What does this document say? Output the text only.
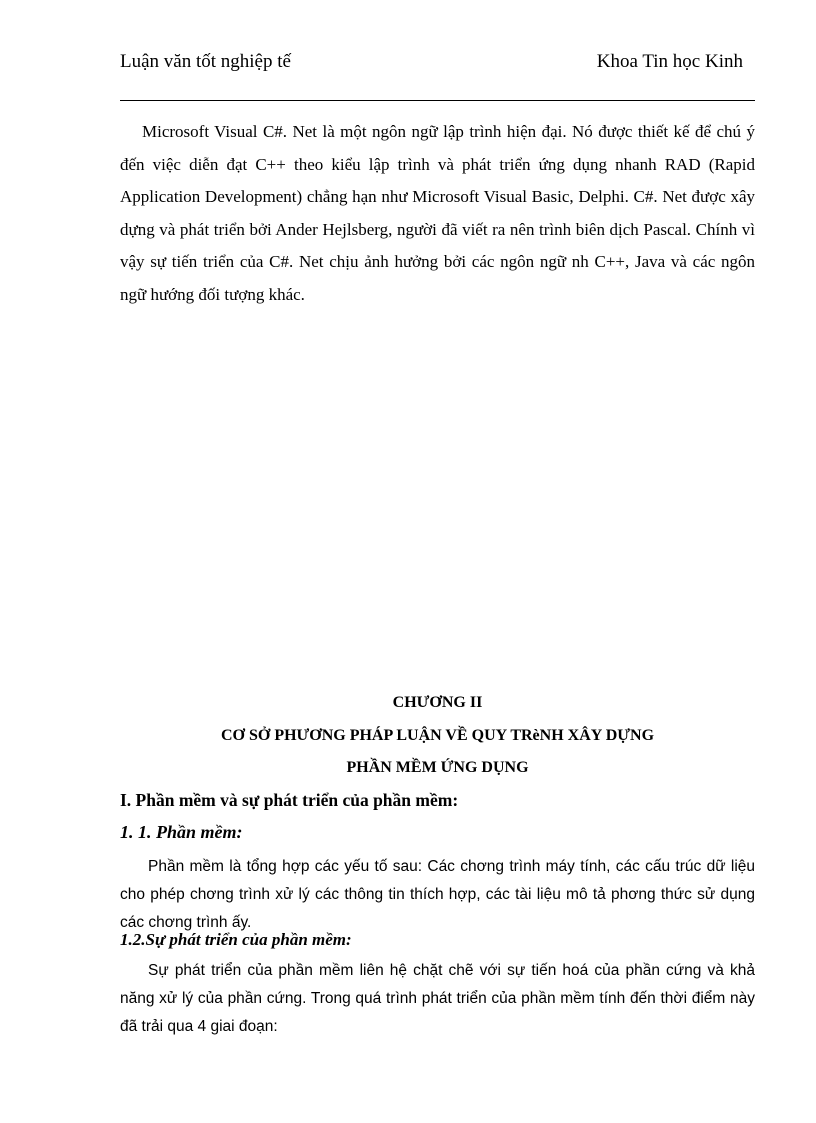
Luận văn tốt nghiệp tế	Khoa Tin học Kinh

Microsoft Visual C#. Net là một ngôn ngữ lập trình hiện đại. Nó được thiết kế để chú ý đến việc diễn đạt C++ theo kiểu lập trình và phát triển ứng dụng nhanh RAD (Rapid Application Development) chẳng hạn như Microsoft Visual Basic, Delphi. C#. Net được xây dựng và phát triển bởi Ander Hejlsberg, người đã viết ra nên trình biên dịch Pascal. Chính vì vậy sự tiến triển của C#. Net chịu ảnh hưởng bởi các ngôn ngữ nh C++, Java và các ngôn ngữ hướng đối tượng khác.

CHƯƠNG II

CƠ SỞ PHƯƠNG PHÁP LUẬN VỀ QUY TRèNH XÂY DỰNG

PHẦN MỀM ỨNG DỤNG

I. Phần mềm và sự phát triển của phần mềm:

1. 1. Phần mềm:

Phần mềm là tổng hợp các yếu tố sau: Các chơng trình máy tính, các cấu trúc dữ liệu cho phép chơng trình xử lý các thông tin thích hợp, các tài liệu mô tả phơng thức sử dụng các chơng trình ấy.

1.2.Sự phát triển của phần mềm:

Sự phát triển của phần mềm liên hệ chặt chẽ với sự tiến hoá của phần cứng và khả năng xử lý của phần cứng. Trong quá trình phát triển của phần mềm tính đến thời điểm này đã trải qua 4 giai đoạn:
